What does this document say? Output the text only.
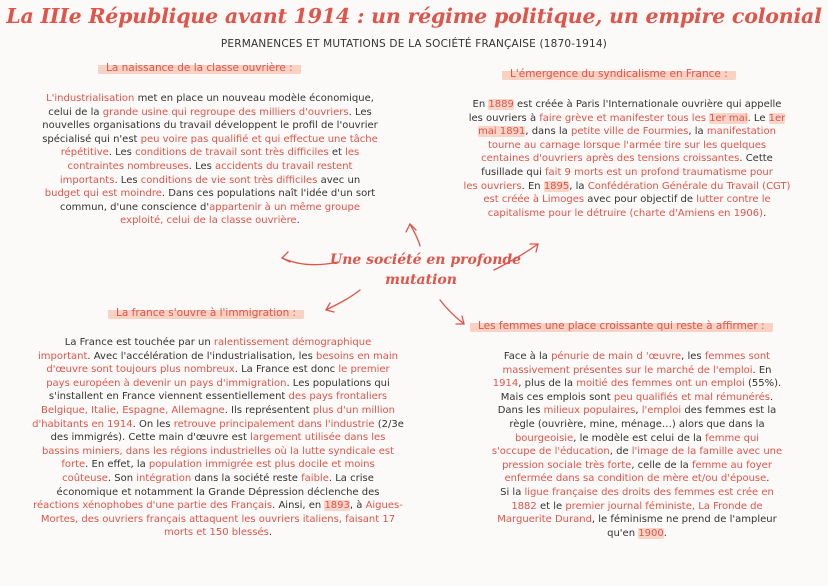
La IIIe République avant 1914 : un régime politique, un empire colonial
PERMANENCES ET MUTATIONS DE LA SOCIÉTÉ FRANÇAISE (1870-1914)
Une société en profonde
mutation
La naissance de la classe ouvrière :
L'industrialisation met en place un nouveau modèle économique,
celui de la grande usine qui regroupe des milliers d'ouvriers. Les
nouvelles organisations du travail développent le profil de l'ouvrier
spécialisé qui n'est peu voire pas qualifié et qui effectue une tâche
répétitive. Les conditions de travail sont très difficiles et les
contraintes nombreuses. Les accidents du travail restent
importants. Les conditions de vie sont très difficiles avec un
budget qui est moindre. Dans ces populations naît l'idée d'un sort
commun, d'une conscience d'appartenir à un même groupe
exploité, celui de la classe ouvrière.
L'émergence du syndicalisme en France :
En 1889 est créée à Paris l'Internationale ouvrière qui appelle
les ouvriers à faire grève et manifester tous les 1er mai. Le 1er
mai 1891, dans la petite ville de Fourmies, la manifestation
tourne au carnage lorsque l'armée tire sur les quelques
centaines d'ouvriers après des tensions croissantes. Cette
fusillade qui fait 9 morts est un profond traumatisme pour
les ouvriers. En 1895, la Confédération Générale du Travail (CGT)
est créée à Limoges avec pour objectif de lutter contre le
capitalisme pour le détruire (charte d'Amiens en 1906).
La france s'ouvre à l'immigration :
La France est touchée par un ralentissement démographique
important. Avec l'accélération de l'industrialisation, les besoins en main
d'œuvre sont toujours plus nombreux. La France est donc le premier
pays européen à devenir un pays d'immigration. Les populations qui
s'installent en France viennent essentiellement des pays frontaliers
Belgique, Italie, Espagne, Allemagne. Ils représentent plus d'un million
d'habitants en 1914. On les retrouve principalement dans l'industrie (2/3e
des immigrés). Cette main d'œuvre est largement utilisée dans les
bassins miniers, dans les régions industrielles où la lutte syndicale est
forte. En effet, la population immigrée est plus docile et moins
coûteuse. Son intégration dans la société reste faible. La crise
économique et notamment la Grande Dépression déclenche des
réactions xénophobes d'une partie des Français. Ainsi, en 1893, à Aigues-
Mortes, des ouvriers français attaquent les ouvriers italiens, faisant 17
morts et 150 blessés.
Les femmes une place croissante qui reste à affirmer :
Face à la pénurie de main d 'œuvre, les femmes sont
massivement présentes sur le marché de l'emploi. En
1914, plus de la moitié des femmes ont un emploi (55%).
Mais ces emplois sont peu qualifiés et mal rémunérés.
Dans les milieux populaires, l'emploi des femmes est la
règle (ouvrière, mine, ménage…) alors que dans la
bourgeoisie, le modèle est celui de la femme qui
s'occupe de l'éducation, de l'image de la famille avec une
pression sociale très forte, celle de la femme au foyer
enfermée dans sa condition de mère et/ou d'épouse.
Si la ligue française des droits des femmes est crée en
1882 et le premier journal féministe, La Fronde de
Marguerite Durand, le féminisme ne prend de l'ampleur
qu'en 1900.
